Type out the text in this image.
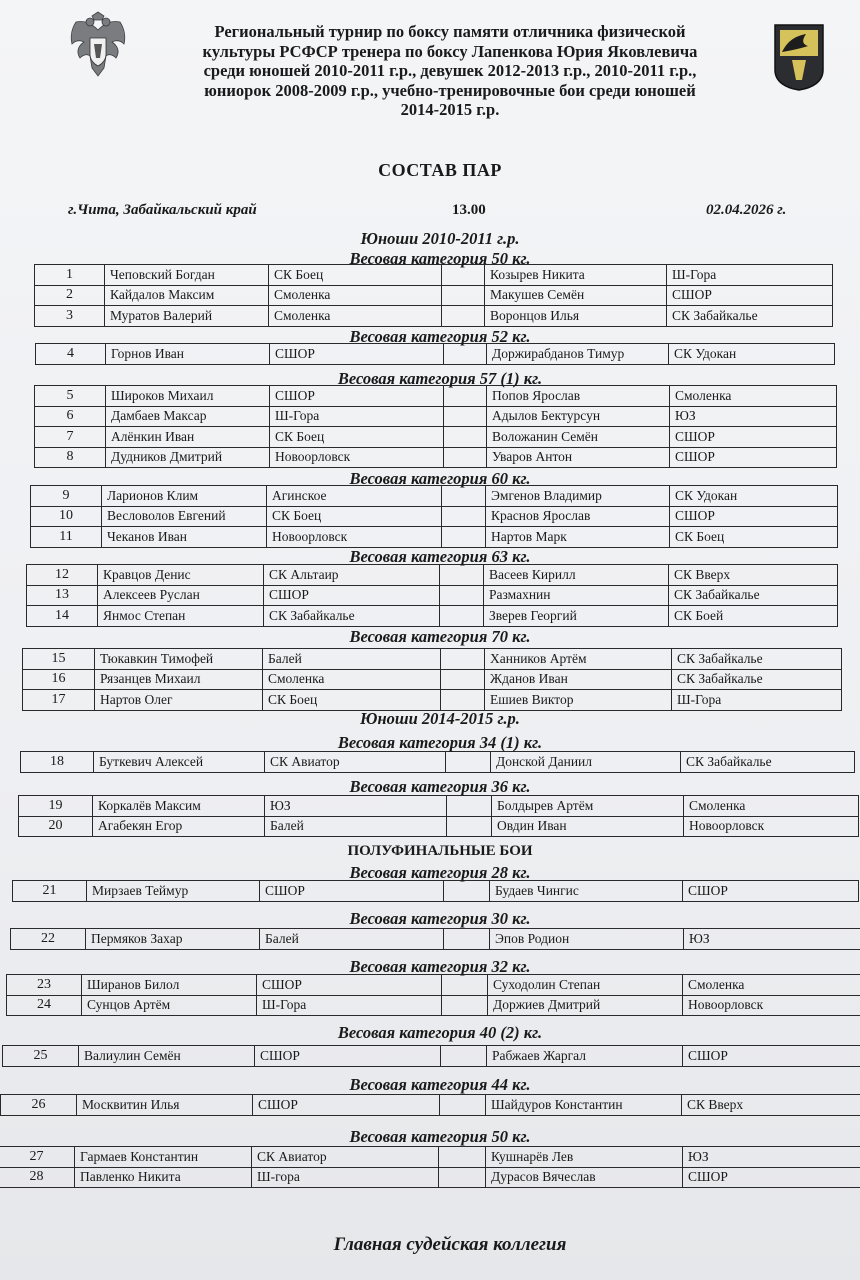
Региональный турнир по боксу памяти отличника физической
культуры РСФСР тренера по боксу Лапенкова Юрия Яковлевича
среди юношей 2010-2011 г.р., девушек 2012-2013 г.р., 2010-2011 г.р.,
юниорок 2008-2009 г.р., учебно-тренировочные бои среди юношей
2014-2015 г.р.
СОСТАВ ПАР
г.Чита, Забайкальский край	13.00	02.04.2026 г.
1	Чеповский Богдан	СК Боец		Козырев Никита	Ш-Гора
2	Кайдалов Максим	Смоленка		Макушев Семён	СШОР
3	Муратов Валерий	Смоленка		Воронцов Илья	СК Забайкалье
4	Горнов Иван	СШОР		Доржирабданов Тимур	СК Удокан
5	Широков Михаил	СШОР		Попов Ярослав	Смоленка
6	Дамбаев Максар	Ш-Гора		Адылов Бектурсун	ЮЗ
7	Алёнкин Иван	СК Боец		Воложанин Семён	СШОР
8	Дудников Дмитрий	Новоорловск		Уваров Антон	СШОР
9	Ларионов Клим	Агинское		Эмгенов Владимир	СК Удокан
10	Весловолов Евгений	СК Боец		Краснов Ярослав	СШОР
11	Чеканов Иван	Новоорловск		Нартов Марк	СК Боец
12	Кравцов Денис	СК Альтаир		Васеев Кирилл	СК Вверх
13	Алексеев Руслан	СШОР		Размахнин	СК Забайкалье
14	Янмос Степан	СК Забайкалье		Зверев Георгий	СК Боей
15	Тюкавкин Тимофей	Балей		Ханников Артём	СК Забайкалье
16	Рязанцев Михаил	Смоленка		Жданов Иван	СК Забайкалье
17	Нартов Олег	СК Боец		Ешиев Виктор	Ш-Гора
18	Буткевич Алексей	СК Авиатор		Донской Даниил	СК Забайкалье
19	Коркалёв Максим	ЮЗ		Болдырев Артём	Смоленка
20	Агабекян Егор	Балей		Овдин Иван	Новоорловск
21	Мирзаев Теймур	СШОР		Будаев Чингис	СШОР
22	Пермяков Захар	Балей		Эпов Родион	ЮЗ
23	Ширанов Билол	СШОР		Суходолин Степан	Смоленка
24	Сунцов Артём	Ш-Гора		Доржиев Дмитрий	Новоорловск
25	Валиулин Семён	СШОР		Рабжаев Жаргал	СШОР
26	Москвитин Илья	СШОР		Шайдуров Константин	СК Вверх
27	Гармаев Константин	СК Авиатор		Кушнарёв Лев	ЮЗ
28	Павленко Никита	Ш-гора		Дурасов Вячеслав	СШОР
Главная судейская коллегия
Юноши 2010-2011 г.р.
Весовая категория 50 кг.
Весовая категория 52 кг.
Весовая категория 57 (1) кг.
Весовая категория 60 кг.
Весовая категория 63 кг.
Весовая категория 70 кг.
Юноши 2014-2015 г.р.
Весовая категория 34 (1) кг.
Весовая категория 36 кг.
ПОЛУФИНАЛЬНЫЕ БОИ
Весовая категория 28 кг.
Весовая категория 30 кг.
Весовая категория 32 кг.
Весовая категория 40 (2) кг.
Весовая категория 44 кг.
Весовая категория 50 кг.
